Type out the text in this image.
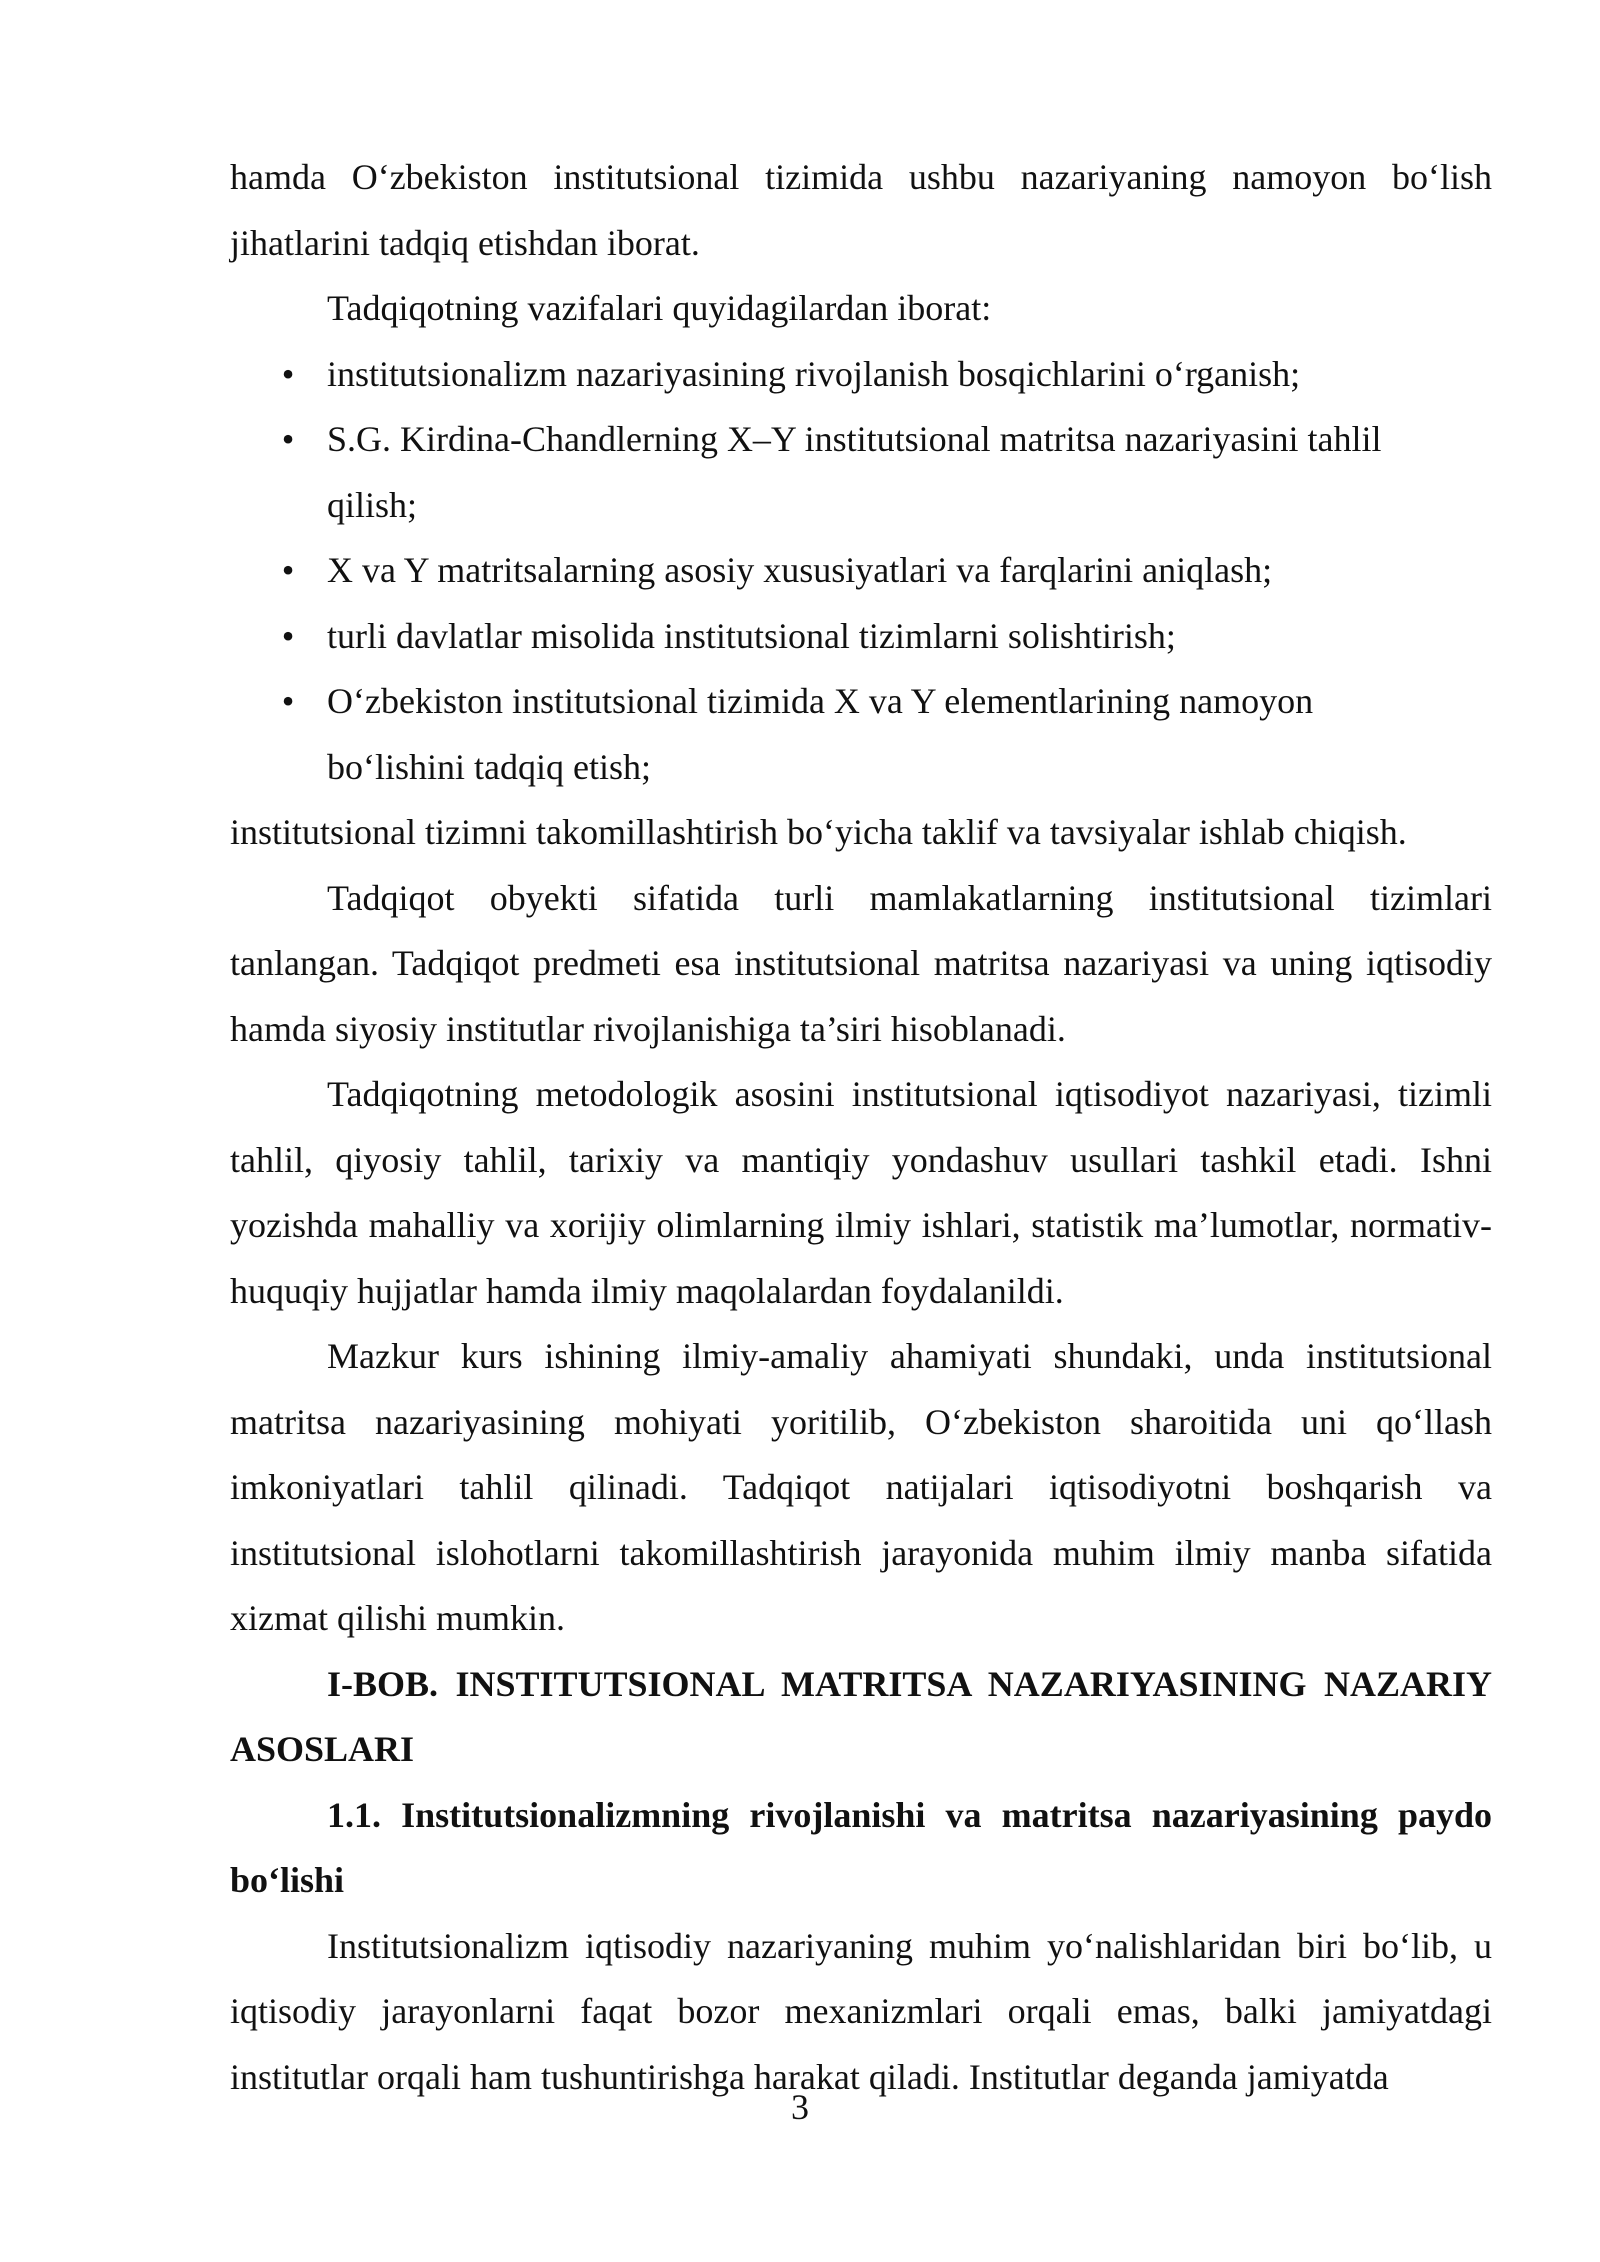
hamda O‘zbekiston institutsional tizimida ushbu nazariyaning namoyon bo‘lish jihatlarini tadqiq etishdan iborat.

Tadqiqotning vazifalari quyidagilardan iborat:

• institutsionalizm nazariyasining rivojlanish bosqichlarini o‘rganish;
• S.G. Kirdina-Chandlerning X–Y institutsional matritsa nazariyasini tahlil qilish;
• X va Y matritsalarning asosiy xususiyatlari va farqlarini aniqlash;
• turli davlatlar misolida institutsional tizimlarni solishtirish;
• O‘zbekiston institutsional tizimida X va Y elementlarining namoyon bo‘lishini tadqiq etish;

institutsional tizimni takomillashtirish bo‘yicha taklif va tavsiyalar ishlab chiqish.

Tadqiqot obyekti sifatida turli mamlakatlarning institutsional tizimlari tanlangan. Tadqiqot predmeti esa institutsional matritsa nazariyasi va uning iqtisodiy hamda siyosiy institutlar rivojlanishiga ta’siri hisoblanadi.

Tadqiqotning metodologik asosini institutsional iqtisodiyot nazariyasi, tizimli tahlil, qiyosiy tahlil, tarixiy va mantiqiy yondashuv usullari tashkil etadi. Ishni yozishda mahalliy va xorijiy olimlarning ilmiy ishlari, statistik ma’lumotlar, normativ-huquqiy hujjatlar hamda ilmiy maqolalardan foydalanildi.

Mazkur kurs ishining ilmiy-amaliy ahamiyati shundaki, unda institutsional matritsa nazariyasining mohiyati yoritilib, O‘zbekiston sharoitida uni qo‘llash imkoniyatlari tahlil qilinadi. Tadqiqot natijalari iqtisodiyotni boshqarish va institutsional islohotlarni takomillashtirish jarayonida muhim ilmiy manba sifatida xizmat qilishi mumkin.

I-BOB. INSTITUTSIONAL MATRITSA NAZARIYASINING NAZARIY ASOSLARI

1.1. Institutsionalizmning rivojlanishi va matritsa nazariyasining paydo bo‘lishi

Institutsionalizm iqtisodiy nazariyaning muhim yo‘nalishlaridan biri bo‘lib, u iqtisodiy jarayonlarni faqat bozor mexanizmlari orqali emas, balki jamiyatdagi institutlar orqali ham tushuntirishga harakat qiladi. Institutlar deganda jamiyatda

3
